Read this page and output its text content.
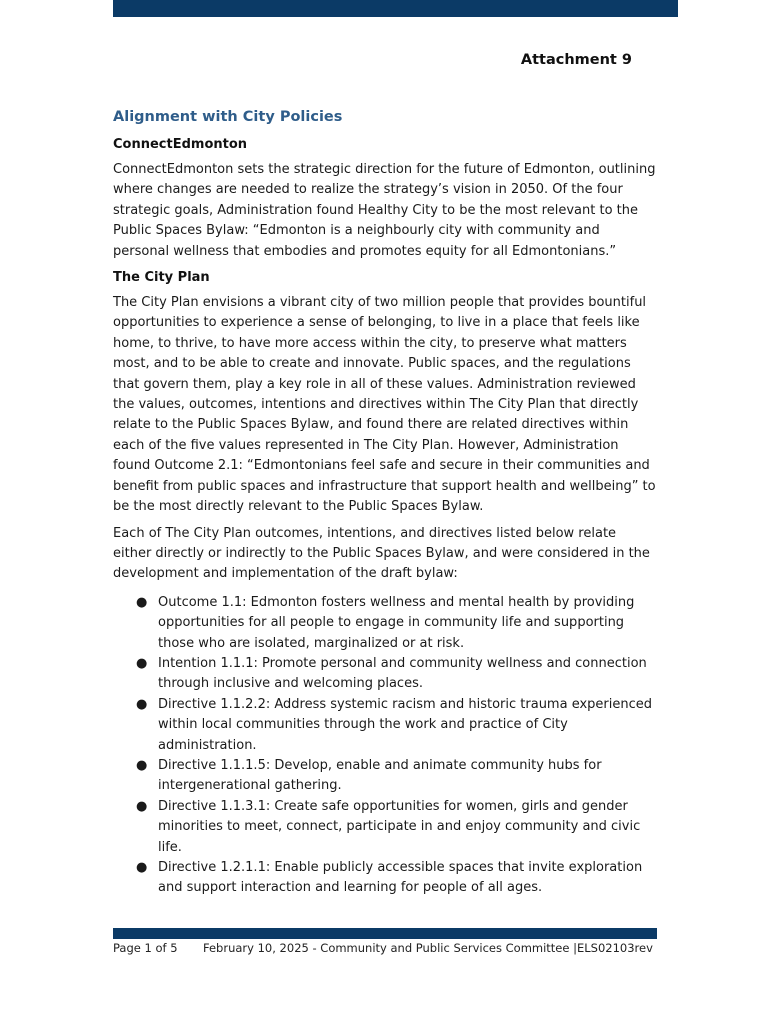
Attachment 9
Alignment with City Policies
ConnectEdmonton

ConnectEdmonton sets the strategic direction for the future of Edmonton, outlining where changes are needed to realize the strategy’s vision in 2050. Of the four strategic goals, Administration found Healthy City to be the most relevant to the Public Spaces Bylaw: “Edmonton is a neighbourly city with community and personal wellness that embodies and promotes equity for all Edmontonians.”

The City Plan

The City Plan envisions a vibrant city of two million people that provides bountiful opportunities to experience a sense of belonging, to live in a place that feels like home, to thrive, to have more access within the city, to preserve what matters most, and to be able to create and innovate. Public spaces, and the regulations that govern them, play a key role in all of these values. Administration reviewed the values, outcomes, intentions and directives within The City Plan that directly relate to the Public Spaces Bylaw, and found there are related directives within each of the five values represented in The City Plan. However, Administration found Outcome 2.1: “Edmontonians feel safe and secure in their communities and benefit from public spaces and infrastructure that support health and wellbeing” to be the most directly relevant to the Public Spaces Bylaw.

Each of The City Plan outcomes, intentions, and directives listed below relate either directly or indirectly to the Public Spaces Bylaw, and were considered in the development and implementation of the draft bylaw:

● Outcome 1.1: Edmonton fosters wellness and mental health by providing opportunities for all people to engage in community life and supporting those who are isolated, marginalized or at risk.
● Intention 1.1.1: Promote personal and community wellness and connection through inclusive and welcoming places.
● Directive 1.1.2.2: Address systemic racism and historic trauma experienced within local communities through the work and practice of City administration.
● Directive 1.1.1.5: Develop, enable and animate community hubs for intergenerational gathering.
● Directive 1.1.3.1: Create safe opportunities for women, girls and gender minorities to meet, connect, participate in and enjoy community and civic life.
● Directive 1.2.1.1: Enable publicly accessible spaces that invite exploration and support interaction and learning for people of all ages.
Page 1 of 5 February 10, 2025 - Community and Public Services Committee |ELS02103rev
